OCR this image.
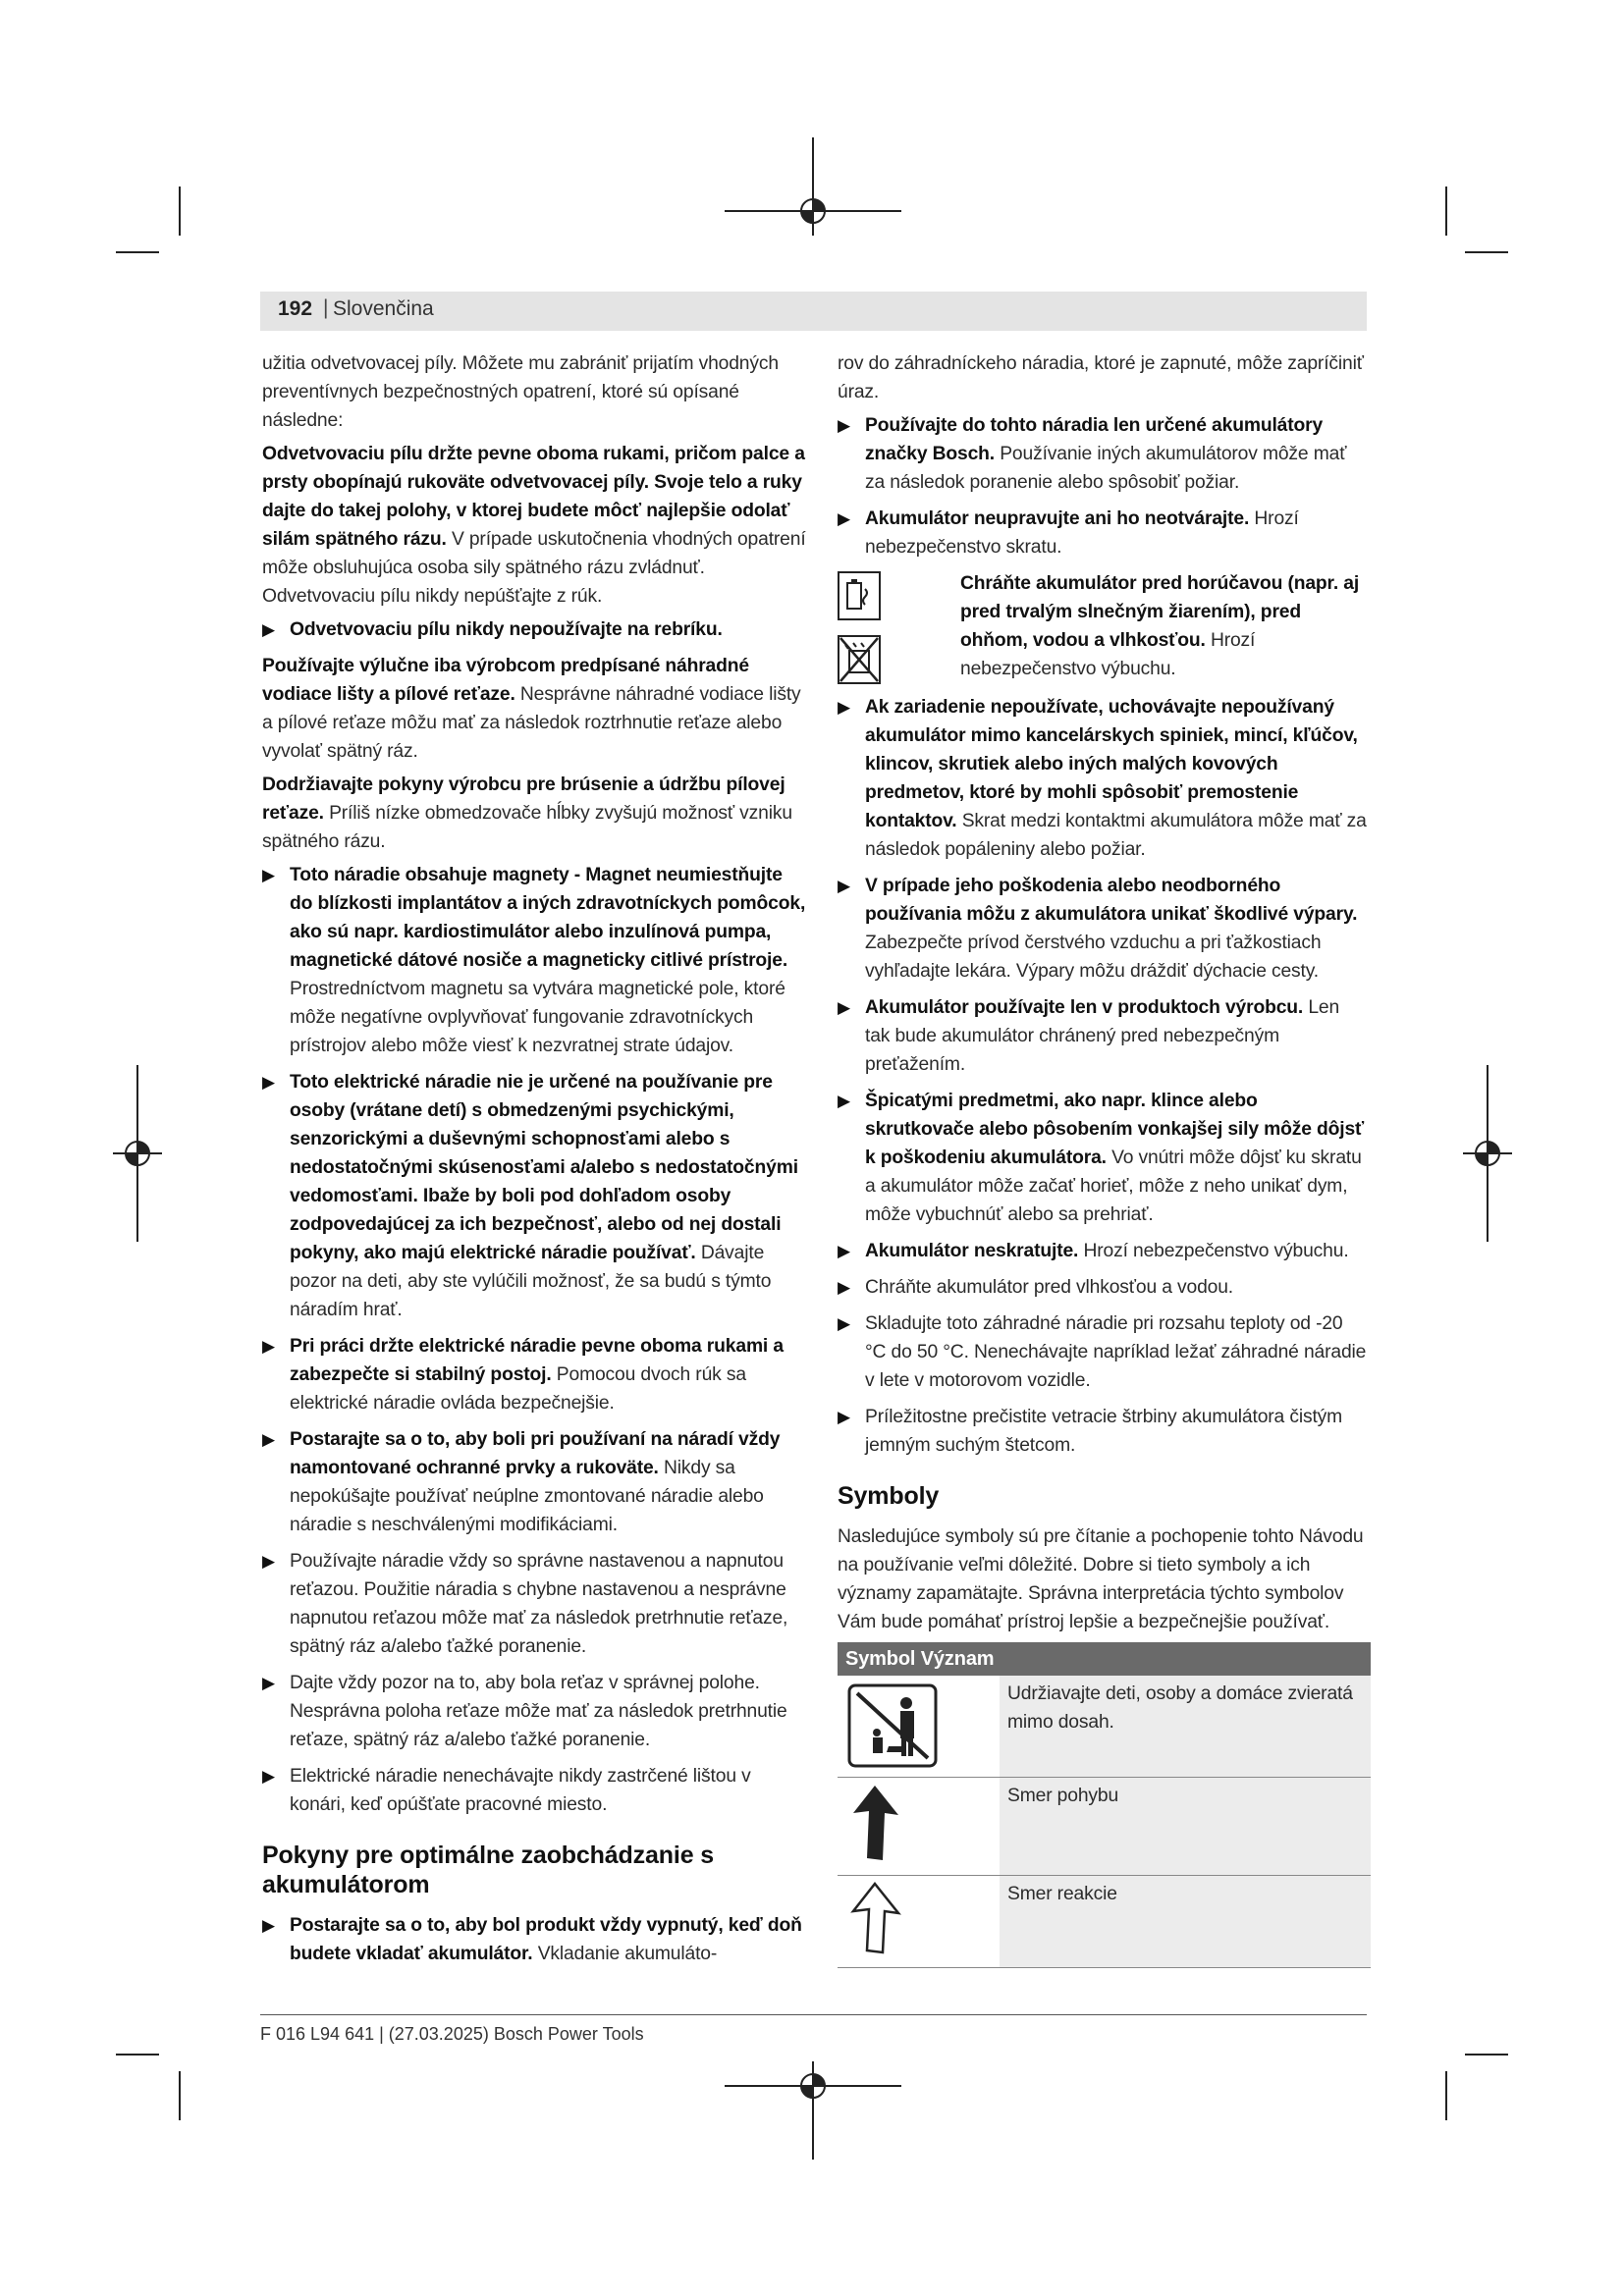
192 | Slovenčina

užitia odvetvovacej píly. Môžete mu zabrániť prijatím vhodných preventívnych bezpečnostných opatrení, ktoré sú opísané následne:

Odvetvovaciu pílu držte pevne oboma rukami, pričom palce a prsty obopínajú rukoväte odvetvovacej píly. Svoje telo a ruky dajte do takej polohy, v ktorej budete môcť najlepšie odolať silám spätného rázu. V prípade uskutočnenia vhodných opatrení môže obsluhujúca osoba sily spätného rázu zvládnuť. Odvetvovaciu pílu nikdy nepúšťajte z rúk.

▶ Odvetvovaciu pílu nikdy nepoužívajte na rebríku.

Používajte výlučne iba výrobcom predpísané náhradné vodiace lišty a pílové reťaze. Nesprávne náhradné vodiace lišty a pílové reťaze môžu mať za následok roztrhnutie reťaze alebo vyvolať spätný ráz.

Dodržiavajte pokyny výrobcu pre brúsenie a údržbu pílovej reťaze. Príliš nízke obmedzovače hĺbky zvyšujú možnosť vzniku spätného rázu.

▶ Toto náradie obsahuje magnety - Magnet neumiestňujte do blízkosti implantátov a iných zdravotníckych pomôcok, ako sú napr. kardiostimulátor alebo inzulínová pumpa, magnetické dátové nosiče a magneticky citlivé prístroje. Prostredníctvom magnetu sa vytvára magnetické pole, ktoré môže negatívne ovplyvňovať fungovanie zdravotníckych prístrojov alebo môže viesť k nezvratnej strate údajov.
▶ Toto elektrické náradie nie je určené na používanie pre osoby (vrátane detí) s obmedzenými psychickými, senzorickými a duševnými schopnosťami alebo s nedostatočnými skúsenosťami a/alebo s nedostatočnými vedomosťami. Ibaže by boli pod dohľadom osoby zodpovedajúcej za ich bezpečnosť, alebo od nej dostali pokyny, ako majú elektrické náradie používať. Dávajte pozor na deti, aby ste vylúčili možnosť, že sa budú s týmto náradím hrať.
▶ Pri práci držte elektrické náradie pevne oboma rukami a zabezpečte si stabilný postoj. Pomocou dvoch rúk sa elektrické náradie ovláda bezpečnejšie.
▶ Postarajte sa o to, aby boli pri používaní na náradí vždy namontované ochranné prvky a rukoväte. Nikdy sa nepokúšajte používať neúplne zmontované náradie alebo náradie s neschválenými modifikáciami.
▶ Používajte náradie vždy so správne nastavenou a napnutou reťazou. Použitie náradia s chybne nastavenou a nesprávne napnutou reťazou môže mať za následok pretrhnutie reťaze, spätný ráz a/alebo ťažké poranenie.
▶ Dajte vždy pozor na to, aby bola reťaz v správnej polohe. Nesprávna poloha reťaze môže mať za následok pretrhnutie reťaze, spätný ráz a/alebo ťažké poranenie.
▶ Elektrické náradie nenechávajte nikdy zastrčené lištou v konári, keď opúšťate pracovné miesto.
Pokyny pre optimálne zaobchádzanie s akumulátorom
▶ Postarajte sa o to, aby bol produkt vždy vypnutý, keď doň budete vkladať akumulátor. Vkladanie akumuláto-

rov do záhradníckeho náradia, ktoré je zapnuté, môže zapríčiniť úraz.

▶ Používajte do tohto náradia len určené akumulátory značky Bosch. Používanie iných akumulátorov môže mať za následok poranenie alebo spôsobiť požiar.
▶ Akumulátor neupravujte ani ho neotvárajte. Hrozí nebezpečenstvo skratu.

Chráňte akumulátor pred horúčavou (napr. aj pred trvalým slnečným žiarením), pred ohňom, vodou a vlhkosťou. Hrozí nebezpečenstvo výbuchu.
▶ Ak zariadenie nepoužívate, uchovávajte nepoužívaný akumulátor mimo kancelárskych spiniek, mincí, kľúčov, klincov, skrutiek alebo iných malých kovových predmetov, ktoré by mohli spôsobiť premostenie kontaktov. Skrat medzi kontaktmi akumulátora môže mať za následok popáleniny alebo požiar.
▶ V prípade jeho poškodenia alebo neodborného používania môžu z akumulátora unikať škodlivé výpary. Zabezpečte prívod čerstvého vzduchu a pri ťažkostiach vyhľadajte lekára. Výpary môžu dráždiť dýchacie cesty.
▶ Akumulátor používajte len v produktoch výrobcu. Len tak bude akumulátor chránený pred nebezpečným preťažením.
▶ Špicatými predmetmi, ako napr. klince alebo skrutkovače alebo pôsobením vonkajšej sily môže dôjsť k poškodeniu akumulátora. Vo vnútri môže dôjsť ku skratu a akumulátor môže začať horieť, môže z neho unikať dym, môže vybuchnúť alebo sa prehriať.
▶ Akumulátor neskratujte. Hrozí nebezpečenstvo výbuchu.
▶ Chráňte akumulátor pred vlhkosťou a vodou.
▶ Skladujte toto záhradné náradie pri rozsahu teploty od -20 °C do 50 °C. Nenechávajte napríklad ležať záhradné náradie v lete v motorovom vozidle.
▶ Príležitostne prečistite vetracie štrbiny akumulátora čistým jemným suchým štetcom.
Symboly

Nasledujúce symboly sú pre čítanie a pochopenie tohto Návodu na používanie veľmi dôležité. Dobre si tieto symboly a ich významy zapamätajte. Správna interpretácia týchto symbolov Vám bude pomáhať prístroj lepšie a bezpečnejšie používať.

Symbol Význam	
	Udržiavajte deti, osoby a domáce zvieratá mimo dosah.
	Smer pohybu
	Smer reakcie
F 016 L94 641 | (27.03.2025) Bosch Power Tools
